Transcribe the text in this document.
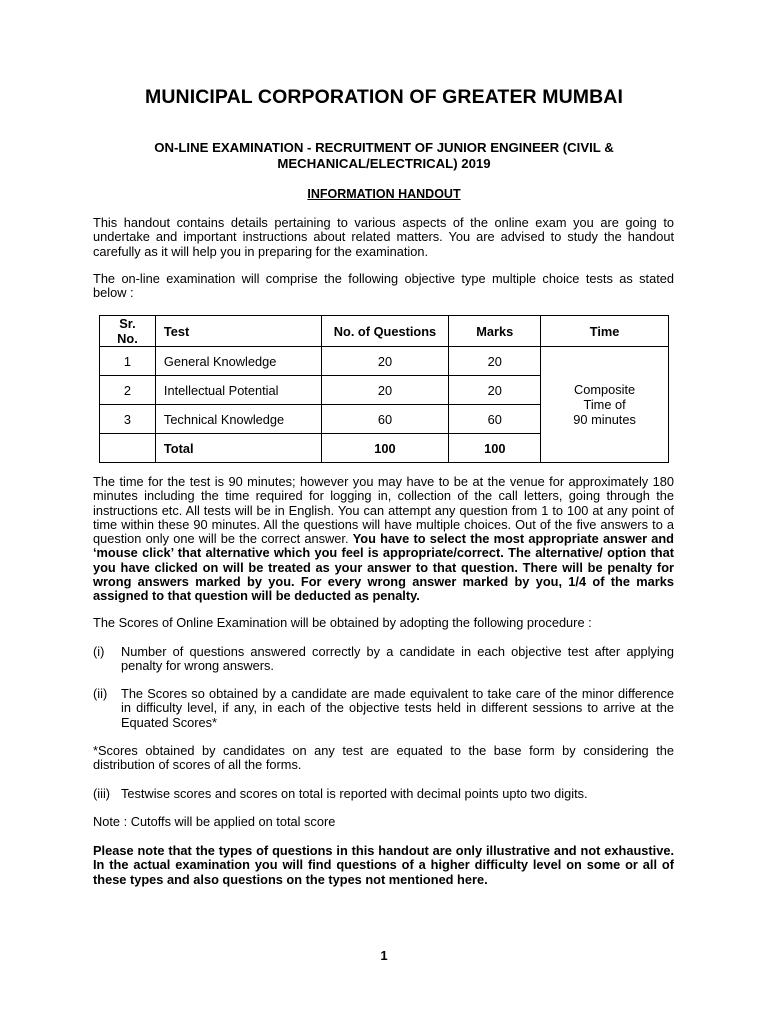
MUNICIPAL CORPORATION OF GREATER MUMBAI
ON-LINE EXAMINATION - RECRUITMENT OF JUNIOR ENGINEER (CIVIL &
MECHANICAL/ELECTRICAL) 2019
INFORMATION HANDOUT

This handout contains details pertaining to various aspects of the online exam you are going to undertake and important instructions about related matters. You are advised to study the handout carefully as it will help you in preparing for the examination.

The on-line examination will comprise the following objective type multiple choice tests as stated below :

Sr. No.	Test	No. of Questions	Marks	Time
1	General Knowledge	20	20	Composite
Time of
90 minutes

2	Intellectual Potential	20	20	
3	Technical Knowledge	60	60	
	Total	100	100	

The time for the test is 90 minutes; however you may have to be at the venue for approximately 180 minutes including the time required for logging in, collection of the call letters, going through the instructions etc. All tests will be in English. You can attempt any question from 1 to 100 at any point of time within these 90 minutes. All the questions will have multiple choices. Out of the five answers to a question only one will be the correct answer. You have to select the most appropriate answer and ‘mouse click’ that alternative which you feel is appropriate/correct. The alternative/ option that you have clicked on will be treated as your answer to that question. There will be penalty for wrong answers marked by you. For every wrong answer marked by you, 1/4 of the marks assigned to that question will be deducted as penalty.

The Scores of Online Examination will be obtained by adopting the following procedure :

(i) Number of questions answered correctly by a candidate in each objective test after applying penalty for wrong answers.
(ii) The Scores so obtained by a candidate are made equivalent to take care of the minor difference in difficulty level, if any, in each of the objective tests held in different sessions to arrive at the Equated Scores*

*Scores obtained by candidates on any test are equated to the base form by considering the distribution of scores of all the forms.

(iii) Testwise scores and scores on total is reported with decimal points upto two digits.

Note : Cutoffs will be applied on total score

Please note that the types of questions in this handout are only illustrative and not exhaustive. In the actual examination you will find questions of a higher difficulty level on some or all of these types and also questions on the types not mentioned here.

1
